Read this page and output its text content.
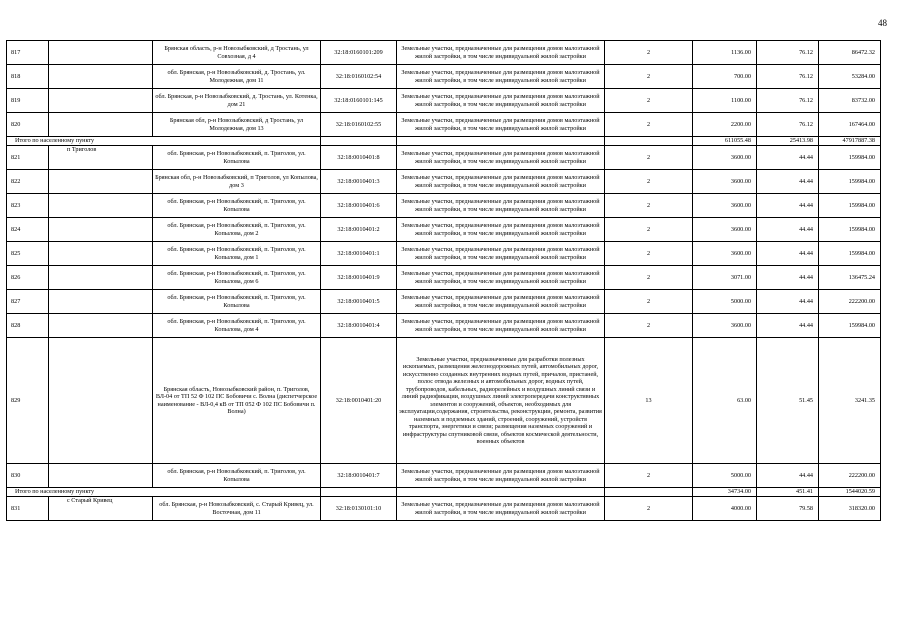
48
817		Брянская область, р-н Новозыбковский, д Тростань, ул Совхозная, д 4	32:18:0160101:209	Земельные участки, предназначенные для размещения домов малоэтажной жилой застройки, в том числе индивидуальной жилой застройки	2	1136.00	76.12	86472.32
818		обл. Брянская, р-н Новозыбковский, д. Тростань, ул. Молодежная, дом 11	32:18:0160102:54	Земельные участки, предназначенные для размещения домов малоэтажной жилой застройки, в том числе индивидуальной жилой застройки	2	700.00	76.12	53284.00
819		обл. Брянская, р-н Новозыбковский, д. Тростань, ул. Котенка, дом 21	32:18:0160101:145	Земельные участки, предназначенные для размещения домов малоэтажной жилой застройки, в том числе индивидуальной жилой застройки	2	1100.00	76.12	83732.00
820		Брянская обл, р-н Новозыбковский, д Тростань, ул Молодежная, дом 13	32:18:0160102:55	Земельные участки, предназначенные для размещения домов малоэтажной жилой застройки, в том числе индивидуальной жилой застройки	2	2200.00	76.12	167464.00
Итого по населенному пункту						611055.48	25413.98	47917887.38
821	п Триголов	обл. Брянская, р-н Новозыбковский, п. Триголов, ул. Копылова	32:18:0010401:8	Земельные участки, предназначенные для размещения домов малоэтажной жилой застройки, в том числе индивидуальной жилой застройки	2	3600.00	44.44	159984.00
822		Брянская обл, р-н Новозыбковский, п Триголов, ул Копылова, дом 3	32:18:0010401:3	Земельные участки, предназначенные для размещения домов малоэтажной жилой застройки, в том числе индивидуальной жилой застройки	2	3600.00	44.44	159984.00
823		обл. Брянская, р-н Новозыбковский, п. Триголов, ул. Копылова	32:18:0010401:6	Земельные участки, предназначенные для размещения домов малоэтажной жилой застройки, в том числе индивидуальной жилой застройки	2	3600.00	44.44	159984.00
824		обл. Брянская, р-н Новозыбковский, п. Триголов, ул. Копылова, дом 2	32:18:0010401:2	Земельные участки, предназначенные для размещения домов малоэтажной жилой застройки, в том числе индивидуальной жилой застройки	2	3600.00	44.44	159984.00
825		обл. Брянская, р-н Новозыбковский, п. Триголов, ул. Копылова, дом 1	32:18:0010401:1	Земельные участки, предназначенные для размещения домов малоэтажной жилой застройки, в том числе индивидуальной жилой застройки	2	3600.00	44.44	159984.00
826		обл. Брянская, р-н Новозыбковский, п. Триголов, ул. Копылова, дом 6	32:18:0010401:9	Земельные участки, предназначенные для размещения домов малоэтажной жилой застройки, в том числе индивидуальной жилой застройки	2	3071.00	44.44	136475.24
827		обл. Брянская, р-н Новозыбковский, п. Триголов, ул. Копылова	32:18:0010401:5	Земельные участки, предназначенные для размещения домов малоэтажной жилой застройки, в том числе индивидуальной жилой застройки	2	5000.00	44.44	222200.00
828		обл. Брянская, р-н Новозыбковский, п. Триголов, ул. Копылова, дом 4	32:18:0010401:4	Земельные участки, предназначенные для размещения домов малоэтажной жилой застройки, в том числе индивидуальной жилой застройки	2	3600.00	44.44	159984.00
829		Брянская область, Новозыбковский район, п. Триголов, ВЛ-04 от ТП 52 Ф 102 ПС Бобовичи с. Волна (диспетчерское наименование - ВЛ-0,4 кВ от ТП 052 Ф 102 ПС Бобовичи п. Волна)	32:18:0010401:20	Земельные участки, предназначенные для разработки полезных ископаемых, размещения железнодорожных путей, автомобильных дорог, искусственно созданных внутренних водных путей, причалов, пристаней, полос отвода железных и автомобильных дорог, водных путей, трубопроводов, кабельных, радиорелейных и воздушных линий связи и линий радиофикации, воздушных линий электропередачи конструктивных элементов и сооружений, объектов, необходимых для эксплуатации,содержания, строительства, реконструкции, ремонта, развития наземных и подземных зданий, строений, сооружений, устройств транспорта, энергетики и связи; размещения наземных сооружений и инфраструктуры спутниковой связи, объектов космической деятельности, военных объектов	13	63.00	51.45	3241.35
830		обл. Брянская, р-н Новозыбковский, п. Триголов, ул. Копылова	32:18:0010401:7	Земельные участки, предназначенные для размещения домов малоэтажной жилой застройки, в том числе индивидуальной жилой застройки	2	5000.00	44.44	222200.00
Итого по населенному пункту						34734.00	451.41	1544020.59
831	с Старый Кривец	обл. Брянская, р-н Новозыбковский, с. Старый Кривец, ул. Восточная, дом 11	32:18:0130101:10	Земельные участки, предназначенные для размещения домов малоэтажной жилой застройки, в том числе индивидуальной жилой застройки	2	4000.00	79.58	318320.00
